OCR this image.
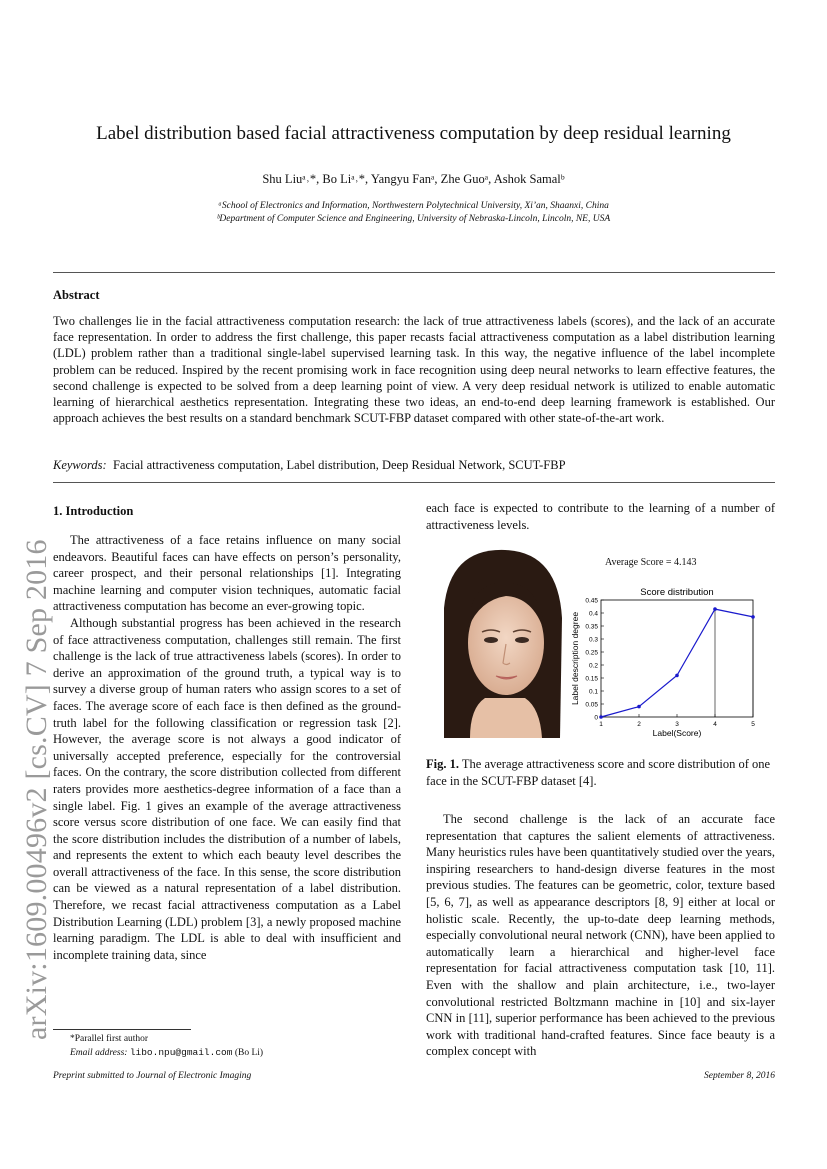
arXiv:1609.00496v2 [cs.CV] 7 Sep 2016
Label distribution based facial attractiveness computation by deep residual learning
Shu Liuᵃ˒*, Bo Liᵃ˒*, Yangyu Fanᵃ, Zhe Guoᵃ, Ashok Samalᵇ
ᵃSchool of Electronics and Information, Northwestern Polytechnical University, Xi’an, Shaanxi, China
ᵇDepartment of Computer Science and Engineering, University of Nebraska-Lincoln, Lincoln, NE, USA
Abstract
Two challenges lie in the facial attractiveness computation research: the lack of true attractiveness labels (scores), and the lack of an accurate face representation. In order to address the first challenge, this paper recasts facial attractiveness computation as a label distribution learning (LDL) problem rather than a traditional single-label supervised learning task. In this way, the negative influence of the label incomplete problem can be reduced. Inspired by the recent promising work in face recognition using deep neural networks to learn effective features, the second challenge is expected to be solved from a deep learning point of view. A very deep residual network is utilized to enable automatic learning of hierarchical aesthetics representation. Integrating these two ideas, an end-to-end deep learning framework is established. Our approach achieves the best results on a standard benchmark SCUT-FBP dataset compared with other state-of-the-art work.
Keywords: Facial attractiveness computation, Label distribution, Deep Residual Network, SCUT-FBP
1. Introduction

The attractiveness of a face retains influence on many social endeavors. Beautiful faces can have effects on person’s personality, career prospect, and their personal relationships [1]. Integrating machine learning and computer vision techniques, automatic facial attractiveness computation has become an ever-growing topic.

Although substantial progress has been achieved in the research of face attractiveness computation, challenges still remain. The first challenge is the lack of true attractiveness labels (scores). In order to derive an approximation of the ground truth, a typical way is to survey a diverse group of human raters who assign scores to a set of faces. The average score of each face is then defined as the ground-truth label for the following classification or regression task [2]. However, the average score is not always a good indicator of universally accepted preference, especially for the controversial faces. On the contrary, the score distribution collected from different raters provides more aesthetics-degree information of a face than a single label. Fig. 1 gives an example of the average attractiveness score versus score distribution of one face. We can easily find that the score distribution includes the distribution of a number of labels, and represents the extent to which each beauty level describes the overall attractiveness of the face. In this sense, the score distribution can be viewed as a natural representation of a label distribution. Therefore, we recast facial attractiveness computation as a Label Distribution Learning (LDL) problem [3], a newly proposed machine learning paradigm. The LDL is able to deal with insufficient and incomplete training data, since

each face is expected to contribute to the learning of a number of attractiveness levels.

Average Score = 4.143
Score distribution
0
0.05
0.1
0.15
0.2
0.25
0.3
0.35
0.4
0.45
1	2	3	4	5
Label(Score)
Label description degree
Fig. 1. The average attractiveness score and score distribution of one face in the SCUT-FBP dataset [4].

The second challenge is the lack of an accurate face representation that captures the salient elements of attractiveness. Many heuristics rules have been quantitatively studied over the years, inspiring researchers to hand-design diverse features in the most previous studies. The features can be geometric, color, texture based [5, 6, 7], as well as appearance descriptors [8, 9] either at local or holistic scale. Recently, the up-to-date deep learning methods, especially convolutional neural network (CNN), have been applied to automatically learn a hierarchical and higher-level face representation for facial attractiveness computation task [10, 11]. Even with the shallow and plain architecture, i.e., two-layer convolutional restricted Boltzmann machine in [10] and six-layer CNN in [11], superior performance has been achieved to the previous work with traditional hand-crafted features. Since face beauty is a complex concept with

*Parallel first author
Email address: libo.npu@gmail.com (Bo Li)
Preprint submitted to Journal of Electronic Imaging	September 8, 2016
